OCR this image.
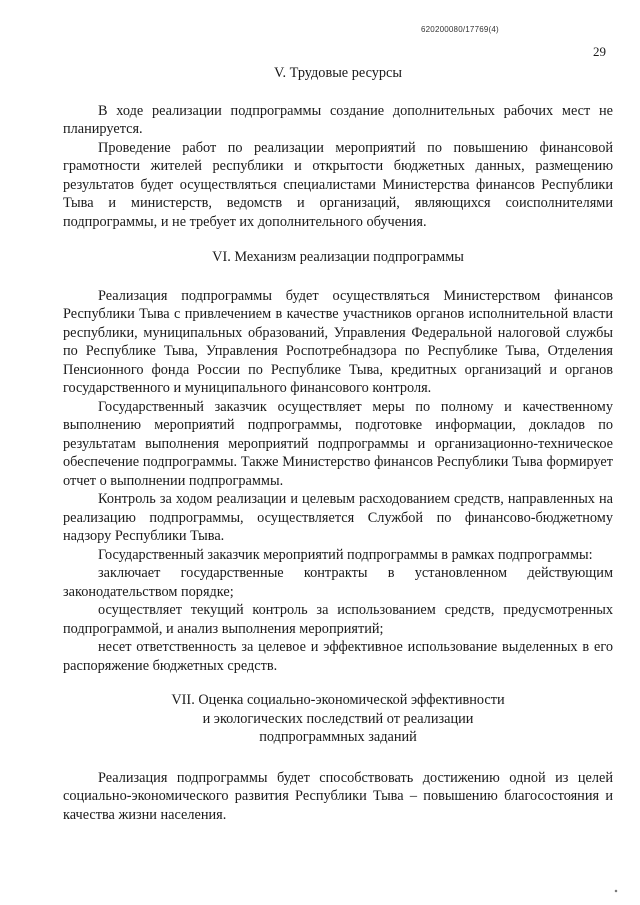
620200080/17769(4)
29
V. Трудовые ресурсы

В ходе реализации подпрограммы создание дополнительных рабочих мест не планируется.

Проведение работ по реализации мероприятий по повышению финансовой грамотности жителей республики и открытости бюджетных данных, размещению результатов будет осуществляться специалистами Министерства финансов Республики Тыва и министерств, ведомств и организаций, являющихся соисполнителями подпрограммы, и не требует их дополнительного обучения.

VI. Механизм реализации подпрограммы

Реализация подпрограммы будет осуществляться Министерством финансов Республики Тыва с привлечением в качестве участников органов исполнительной власти республики, муниципальных образований, Управления Федеральной налоговой службы по Республике Тыва, Управления Роспотребнадзора по Республике Тыва, Отделения Пенсионного фонда России по Республике Тыва, кредитных организаций и органов государственного и муниципального финансового контроля.

Государственный заказчик осуществляет меры по полному и качественному выполнению мероприятий подпрограммы, подготовке информации, докладов по результатам выполнения мероприятий подпрограммы и организационно-техническое обеспечение подпрограммы. Также Министерство финансов Республики Тыва формирует отчет о выполнении подпрограммы.

Контроль за ходом реализации и целевым расходованием средств, направленных на реализацию подпрограммы, осуществляется Службой по финансово-бюджетному надзору Республики Тыва.

Государственный заказчик мероприятий подпрограммы в рамках подпрограммы:

заключает государственные контракты в установленном действующим законодательством порядке;

осуществляет текущий контроль за использованием средств, предусмотренных подпрограммой, и анализ выполнения мероприятий;

несет ответственность за целевое и эффективное использование выделенных в его распоряжение бюджетных средств.

VII. Оценка социально-экономической эффективности
и экологических последствий от реализации
подпрограммных заданий

Реализация подпрограммы будет способствовать достижению одной из целей социально-экономического развития Республики Тыва – повышению благосостояния и качества жизни населения.
